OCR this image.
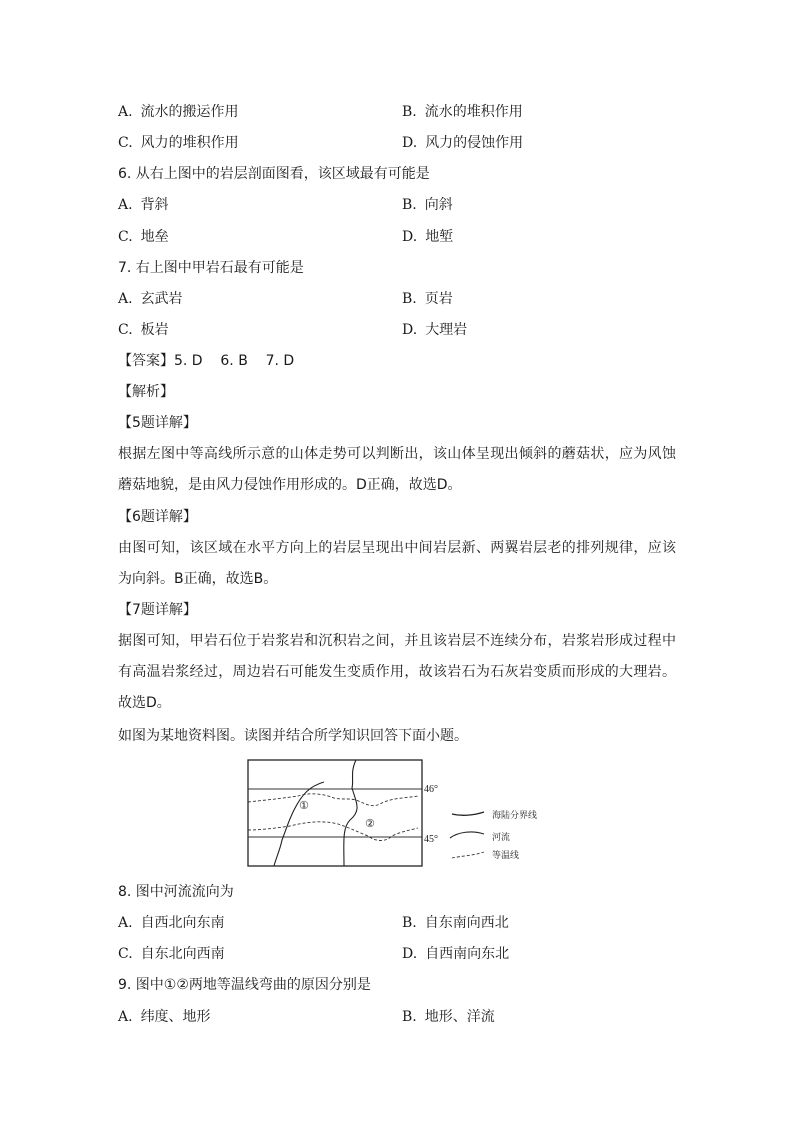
A. 流水的搬运作用	B. 流水的堆积作用
C. 风力的堆积作用	D. 风力的侵蚀作用
6. 从右上图中的岩层剖面图看，该区域最有可能是
A. 背斜	B. 向斜
C. 地垒	D. 地堑
7. 右上图中甲岩石最有可能是
A. 玄武岩	B. 页岩
C. 板岩	D. 大理岩
【答案】5. D    6. B    7. D
【解析】
【5题详解】
根据左图中等高线所示意的山体走势可以判断出，该山体呈现出倾斜的蘑菇状，应为风蚀蘑菇地貌，是由风力侵蚀作用形成的。D正确，故选D。
【6题详解】
由图可知，该区域在水平方向上的岩层呈现出中间岩层新、两翼岩层老的排列规律，应该为向斜。B正确，故选B。
【7题详解】
据图可知，甲岩石位于岩浆岩和沉积岩之间，并且该岩层不连续分布，岩浆岩形成过程中有高温岩浆经过，周边岩石可能发生变质作用，故该岩石为石灰岩变质而形成的大理岩。故选D。
如图为某地资料图。读图并结合所学知识回答下面小题。
46°
45°
①
②
海陆分界线
河流
等温线
8. 图中河流流向为
A. 自西北向东南	B. 自东南向西北
C. 自东北向西南	D. 自西南向东北
9. 图中①②两地等温线弯曲的原因分别是
A. 纬度、地形	B. 地形、洋流
